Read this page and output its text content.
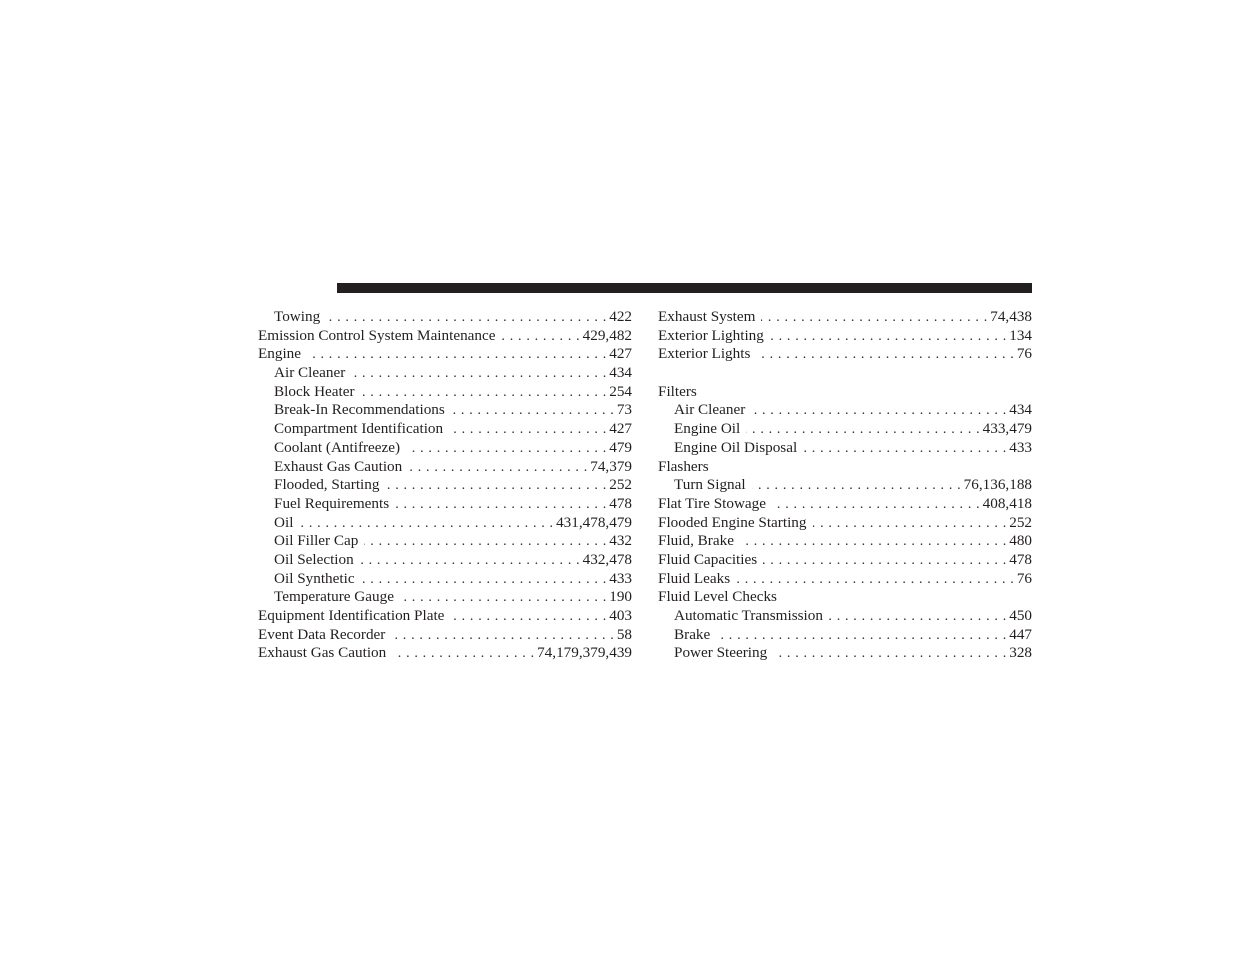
Towing . . .	422
Emission Control System Maintenance . . .	429,482
Engine . . .	427
Air Cleaner . . .	434
Block Heater . . .	254
Break-In Recommendations . . .	73
Compartment Identification . . .	427
Coolant (Antifreeze) . . .	479
Exhaust Gas Caution . . .	74,379
Flooded, Starting . . .	252
Fuel Requirements . . .	478
Oil . . .	431,478,479
Oil Filler Cap . . .	432
Oil Selection . . .	432,478
Oil Synthetic . . .	433
Temperature Gauge . . .	190
Equipment Identification Plate . . .	403
Event Data Recorder . . .	58
Exhaust Gas Caution . . .	74,179,379,439
Exhaust System . . .	74,438
Exterior Lighting . . .	134
Exterior Lights . . .	76
Filters
Air Cleaner . . .	434
Engine Oil . . .	433,479
Engine Oil Disposal . . .	433
Flashers
Turn Signal . . .	76,136,188
Flat Tire Stowage . . .	408,418
Flooded Engine Starting . . .	252
Fluid, Brake . . .	480
Fluid Capacities . . .	478
Fluid Leaks . . .	76
Fluid Level Checks
Automatic Transmission . . .	450
Brake . . .	447
Power Steering . . .	328
